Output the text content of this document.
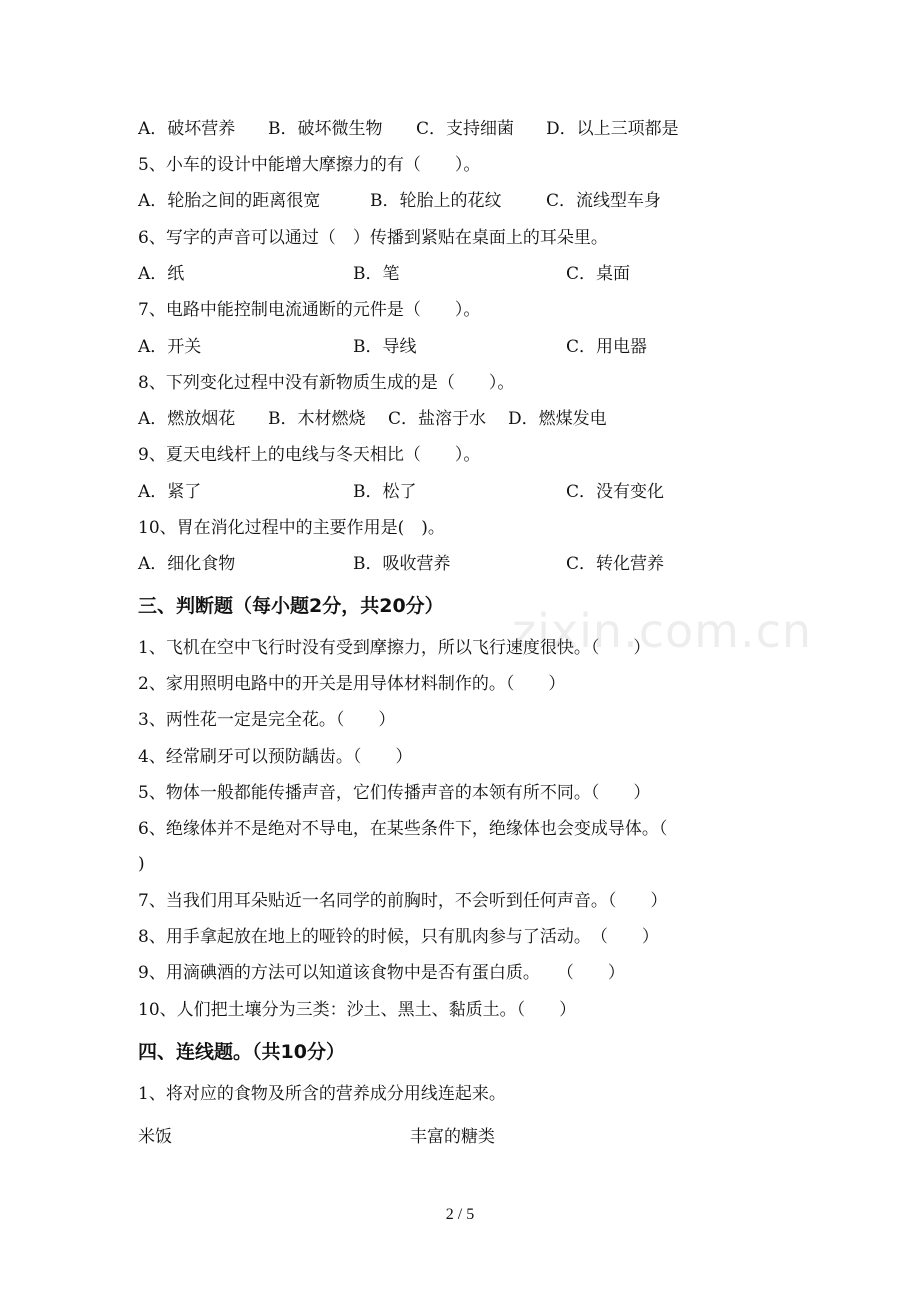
A．破坏营养

B．破坏微生物

C．支持细菌

D．以上三项都是

5、小车的设计中能增大摩擦力的有（　　）。

A．轮胎之间的距离很宽

	B．轮胎上的花纹

	C．流线型车身

6、写字的声音可以通过（　）传播到紧贴在桌面上的耳朵里。

A．纸

	B．笔

	C．桌面

7、电路中能控制电流通断的元件是（　　）。

A．开关

	B．导线

	C．用电器

8、下列变化过程中没有新物质生成的是（　　）。

A．燃放烟花

B．木材燃烧

C．盐溶于水

D．燃煤发电

9、夏天电线杆上的电线与冬天相比（　　）。

A．紧了

	B．松了

	C．没有变化

10、胃在消化过程中的主要作用是(　)。

A．细化食物

	B．吸收营养

	C．转化营养

zixin.com.cn
三、判断题（每小题2分，共20分）
1、飞机在空中飞行时没有受到摩擦力，所以飞行速度很快。（　　）
2、家用照明电路中的开关是用导体材料制作的。（　　）
3、两性花一定是完全花。（　　）
4、经常刷牙可以预防龋齿。（　　）
5、物体一般都能传播声音，它们传播声音的本领有所不同。（　　）
6、绝缘体并不是绝对不导电，在某些条件下，绝缘体也会变成导体。（
)
7、当我们用耳朵贴近一名同学的前胸时，不会听到任何声音。（　　）
8、用手拿起放在地上的哑铃的时候，只有肌肉参与了活动。　（　　）
9、用滴碘酒的方法可以知道该食物中是否有蛋白质。　　（　　）
10、人们把土壤分为三类：沙土、黑土、黏质土。（　　）
四、连线题。（共10分）
1、将对应的食物及所含的营养成分用线连起来。

米饭

	丰富的糖类

2 / 5
